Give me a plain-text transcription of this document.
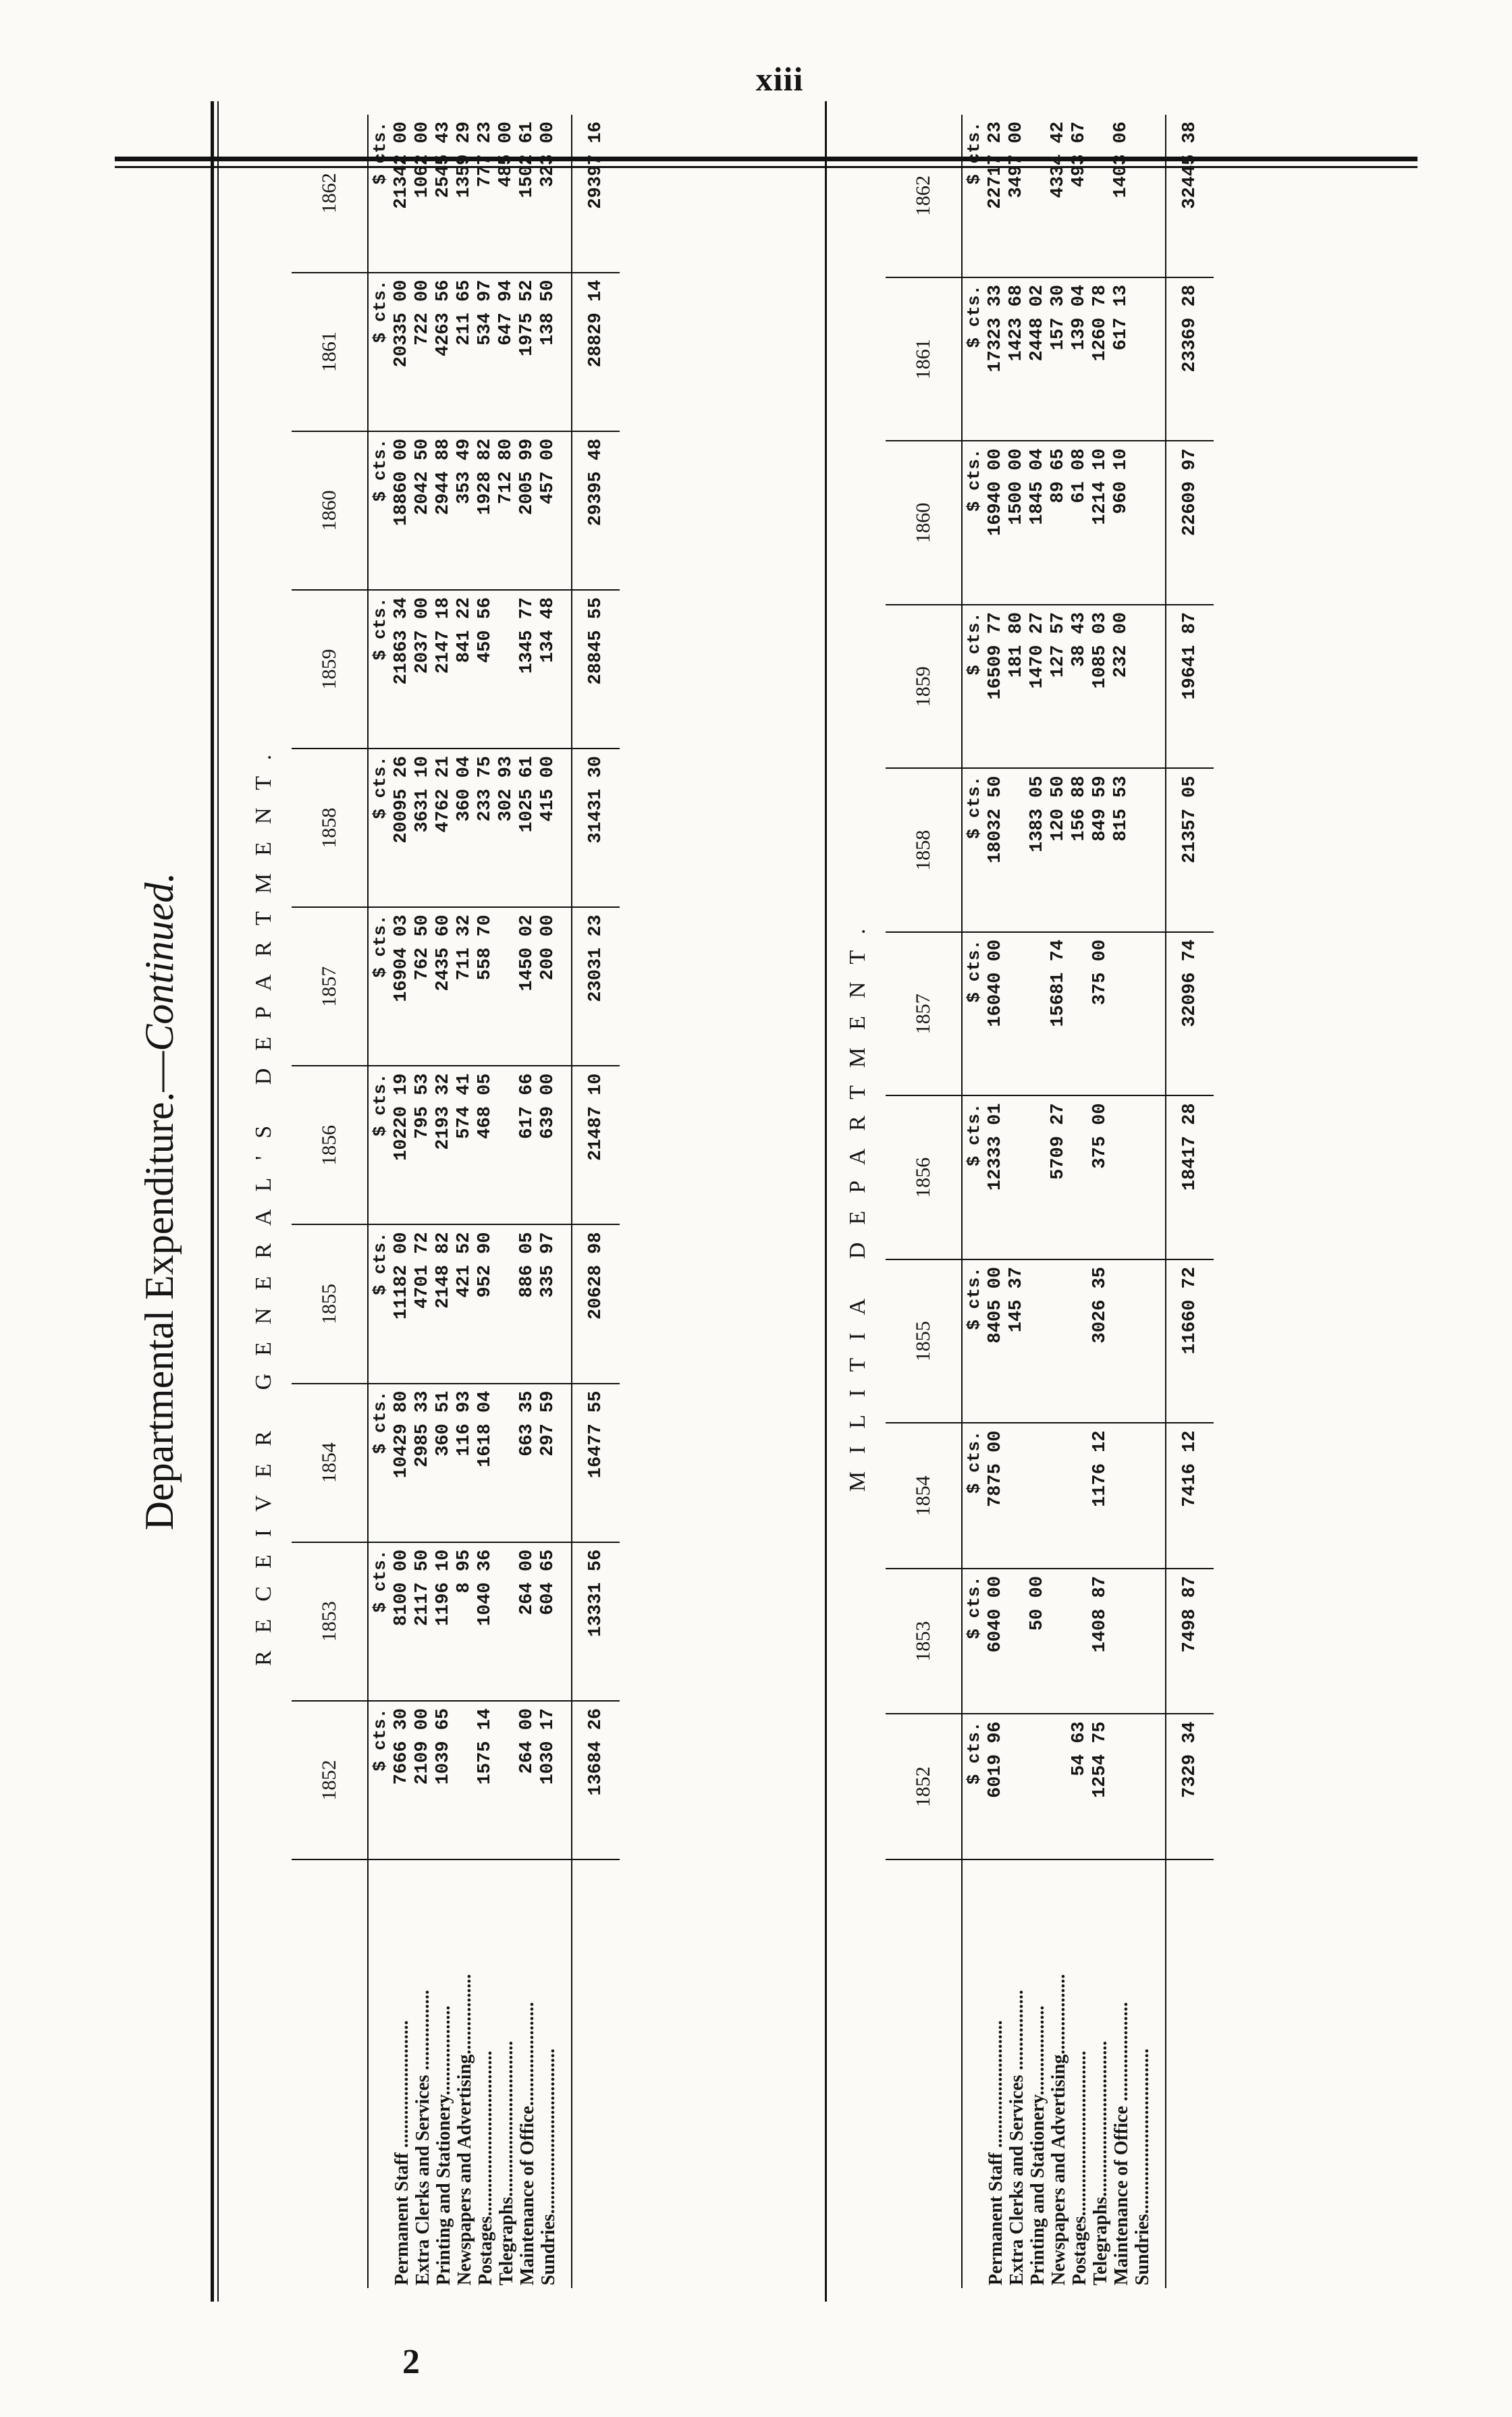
xiii
Departmental Expenditure.—Continued.	RECEIVER GENERAL'S DEPARTMENT.
	1852	1853	1854	1855	1856	1857	1858	1859	1860	1861	1862
	$ cts.	$ cts.	$ cts.	$ cts.	$ cts.	$ cts.	$ cts.	$ cts.	$ cts.	$ cts.	$ cts.
Permanent Staff ...........................	7666 30	8100 00	10429 80	11182 00	10220 19	16904 03	20095 26	21863 34	18860 00	20335 00	21342 00
Extra Clerks and Services .................	2109 00	2117 50	2985 33	4701 72	795 53	762 50	3631 10	2037 00	2042 50	722 00	1062 00
Printing and Stationery...................	1039 65	1196 10	360 51	2148 82	2193 32	2435 60	4762 21	2147 18	2944 88	4263 56	2545 43
Newspapers and Advertising.................		8 95	116 93	421 52	574 41	711 32	360 04	841 22	353 49	211 65	1359 29
Postages...................................	1575 14	1040 36	1618 04	952 90	468 05	558 70	233 75	450 56	1928 82	534 97	777 23
Telegraphs.................................							302 93		712 80	647 94	485 00
Maintenance of Office......................	264 00	264 00	663 35	886 05	617 66	1450 02	1025 61	1345 77	2005 99	1975 52	1502 61
Sundries...................................	1030 17	604 65	297 59	335 97	639 00	200 00	415 00	134 48	457 00	138 50	323 00

	13684 26	13331 56	16477 55	20628 98	21487 10	23031 23	31431 30	28845 55	29395 48	28829 14	29397 16
MILITIA DEPARTMENT.
	1852	1853	1854	1855	1856	1857	1858	1859	1860	1861	1862
	$ cts.	$ cts.	$ cts.	$ cts.	$ cts.	$ cts.	$ cts.	$ cts.	$ cts.	$ cts.	$ cts.
Permanent Staff ...........................	6019 96	6040 00	7875 00	8405 00	12333 01	16040 00	18032 50	16509 77	16940 00	17323 33	22717 23
Extra Clerks and Services .................				145 37				181 80	1500 00	1423 68	3497 00
Printing and Stationery...................		50 00					1383 05	1470 27	1845 04	2448 02	
Newspapers and Advertising.................					5709 27	15681 74	120 50	127 57	89 65	157 30	4334 42
Postages...................................	54 63						156 88	38 43	61 08	139 04	493 67
Telegraphs.................................	1254 75	1408 87	1176 12	3026 35	375 00	375 00	849 59	1085 03	1214 10	1260 78	
Maintenance of Office .....................							815 53	232 00	960 10	617 13	1403 06
Sundries...................................											

	7329 34	7498 87	7416 12	11660 72	18417 28	32096 74	21357 05	19641 87	22609 97	23369 28	32445 38
2
